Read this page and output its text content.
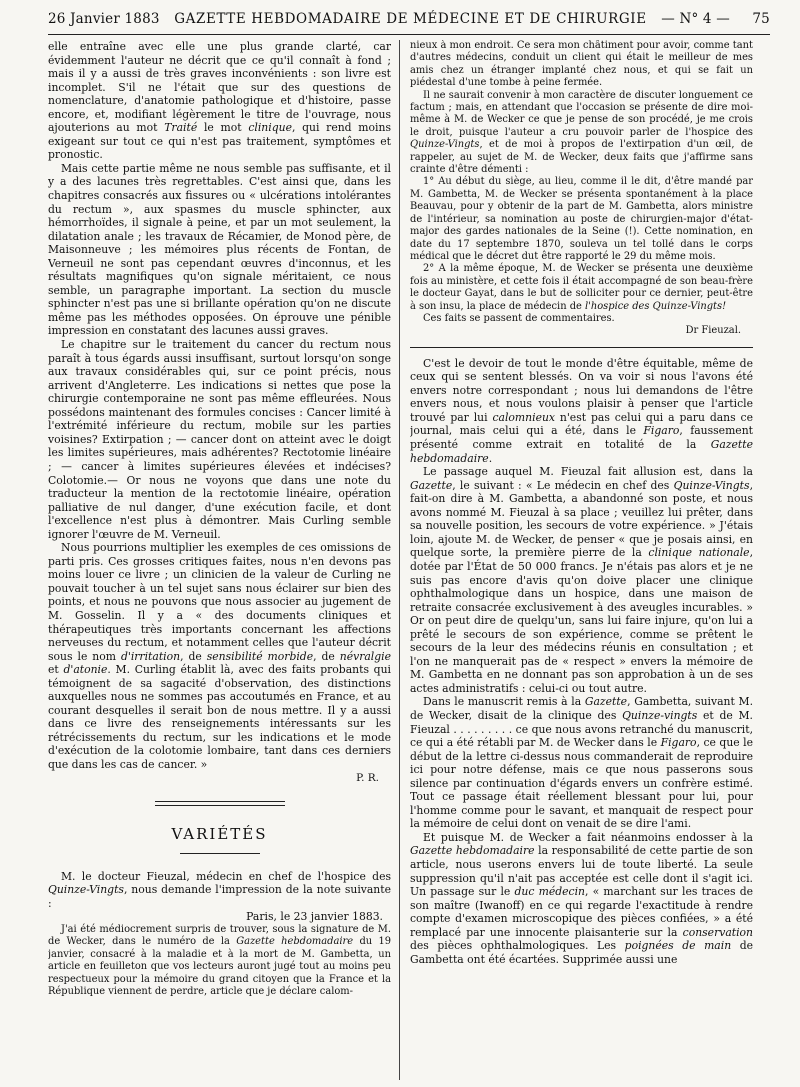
26 Janvier 1883 GAZETTE HEBDOMADAIRE DE MÉDECINE ET DE CHIRURGIE — N° 4 — 75

elle entraîne avec elle une plus grande clarté, car évidemment l'auteur ne décrit que ce qu'il connaît à fond ; mais il y a aussi de très graves inconvénients : son livre est incomplet. S'il ne l'était que sur des questions de nomenclature, d'anatomie pathologique et d'histoire, passe encore, et, modifiant légèrement le titre de l'ouvrage, nous ajouterions au mot Traité le mot clinique, qui rend moins exigeant sur tout ce qui n'est pas traitement, symptômes et pronostic.

Mais cette partie même ne nous semble pas suffisante, et il y a des lacunes très regrettables. C'est ainsi que, dans les chapitres consacrés aux fissures ou « ulcérations intolérantes du rectum », aux spasmes du muscle sphincter, aux hémorrhoïdes, il signale à peine, et par un mot seulement, la dilatation anale ; les travaux de Récamier, de Monod père, de Maisonneuve ; les mémoires plus récents de Fontan, de Verneuil ne sont pas cependant œuvres d'inconnus, et les résultats magnifiques qu'on signale méritaient, ce nous semble, un paragraphe important. La section du muscle sphincter n'est pas une si brillante opération qu'on ne discute même pas les méthodes opposées. On éprouve une pénible impression en constatant des lacunes aussi graves.

Le chapitre sur le traitement du cancer du rectum nous paraît à tous égards aussi insuffisant, surtout lorsqu'on songe aux travaux considérables qui, sur ce point précis, nous arrivent d'Angleterre. Les indications si nettes que pose la chirurgie contemporaine ne sont pas même effleurées. Nous possédons maintenant des formules concises : Cancer limité à l'extrémité inférieure du rectum, mobile sur les parties voisines? Extirpation ; — cancer dont on atteint avec le doigt les limites supérieures, mais adhérentes? Rectotomie linéaire ; — cancer à limites supérieures élevées et indécises? Colotomie.— Or nous ne voyons que dans une note du traducteur la mention de la rectotomie linéaire, opération palliative de nul danger, d'une exécution facile, et dont l'excellence n'est plus à démontrer. Mais Curling semble ignorer l'œuvre de M. Verneuil.

Nous pourrions multiplier les exemples de ces omissions de parti pris. Ces grosses critiques faites, nous n'en devons pas moins louer ce livre ; un clinicien de la valeur de Curling ne pouvait toucher à un tel sujet sans nous éclairer sur bien des points, et nous ne pouvons que nous associer au jugement de M. Gosselin. Il y a « des documents cliniques et thérapeutiques très importants concernant les affections nerveuses du rectum, et notamment celles que l'auteur décrit sous le nom d'irritation, de sensibilité morbide, de névralgie et d'atonie. M. Curling établit là, avec des faits probants qui témoignent de sa sagacité d'observation, des distinctions auxquelles nous ne sommes pas accoutumés en France, et au courant desquelles il serait bon de nous mettre. Il y a aussi dans ce livre des renseignements intéressants sur les rétrécissements du rectum, sur les indications et le mode d'exécution de la colotomie lombaire, tant dans ces derniers que dans les cas de cancer. »

P. R.

VARIÉTÉS

M. le docteur Fieuzal, médecin en chef de l'hospice des Quinze-Vingts, nous demande l'impression de la note suivante :

Paris, le 23 janvier 1883.

J'ai été médiocrement surpris de trouver, sous la signature de M. de Wecker, dans le numéro de la Gazette hebdomadaire du 19 janvier, consacré à la maladie et à la mort de M. Gambetta, un article en feuilleton que vos lecteurs auront jugé tout au moins peu respectueux pour la mémoire du grand citoyen que la France et la République viennent de perdre, article que je déclare calom-

nieux à mon endroit. Ce sera mon châtiment pour avoir, comme tant d'autres médecins, conduit un client qui était le meilleur de mes amis chez un étranger implanté chez nous, et qui se fait un piédestal d'une tombe à peine fermée.

Il ne saurait convenir à mon caractère de discuter longuement ce factum ; mais, en attendant que l'occasion se présente de dire moi-même à M. de Wecker ce que je pense de son procédé, je me crois le droit, puisque l'auteur a cru pouvoir parler de l'hospice des Quinze-Vingts, et de moi à propos de l'extirpation d'un œil, de rappeler, au sujet de M. de Wecker, deux faits que j'affirme sans crainte d'être démenti :

1° Au début du siège, au lieu, comme il le dit, d'être mandé par M. Gambetta, M. de Wecker se présenta spontanément à la place Beauvau, pour y obtenir de la part de M. Gambetta, alors ministre de l'intérieur, sa nomination au poste de chirurgien-major d'état-major des gardes nationales de la Seine (!). Cette nomination, en date du 17 septembre 1870, souleva un tel tollé dans le corps médical que le décret dut être rapporté le 29 du même mois.

2° A la même époque, M. de Wecker se présenta une deuxième fois au ministère, et cette fois il était accompagné de son beau-frère le docteur Gayat, dans le but de solliciter pour ce dernier, peut-être à son insu, la place de médecin de l'hospice des Quinze-Vingts!

Ces faits se passent de commentaires.

Dr Fieuzal.

C'est le devoir de tout le monde d'être équitable, même de ceux qui se sentent blessés. On va voir si nous l'avons été envers notre correspondant ; nous lui demandons de l'être envers nous, et nous voulons plaisir à penser que l'article trouvé par lui calomnieux n'est pas celui qui a paru dans ce journal, mais celui qui a été, dans le Figaro, faussement présenté comme extrait en totalité de la Gazette hebdomadaire.

Le passage auquel M. Fieuzal fait allusion est, dans la Gazette, le suivant : « Le médecin en chef des Quinze-Vingts, fait-on dire à M. Gambetta, a abandonné son poste, et nous avons nommé M. Fieuzal à sa place ; veuillez lui prêter, dans sa nouvelle position, les secours de votre expérience. » J'étais loin, ajoute M. de Wecker, de penser « que je posais ainsi, en quelque sorte, la première pierre de la clinique nationale, dotée par l'État de 50 000 francs. Je n'étais pas alors et je ne suis pas encore d'avis qu'on doive placer une clinique ophthalmologique dans un hospice, dans une maison de retraite consacrée exclusivement à des aveugles incurables. » Or on peut dire de quelqu'un, sans lui faire injure, qu'on lui a prêté le secours de son expérience, comme se prêtent le secours de la leur des médecins réunis en consultation ; et l'on ne manquerait pas de « respect » envers la mémoire de M. Gambetta en ne donnant pas son approbation à un de ses actes administratifs : celui-ci ou tout autre.

Dans le manuscrit remis à la Gazette, Gambetta, suivant M. de Wecker, disait de la clinique des Quinze-vingts et de M. Fieuzal . . . . . . . . . ce que nous avons retranché du manuscrit, ce qui a été rétabli par M. de Wecker dans le Figaro, ce que le début de la lettre ci-dessus nous commanderait de reproduire ici pour notre défense, mais ce que nous passerons sous silence par continuation d'égards envers un confrère estimé. Tout ce passage était réellement blessant pour lui, pour l'homme comme pour le savant, et manquait de respect pour la mémoire de celui dont on venait de se dire l'ami.

Et puisque M. de Wecker a fait néanmoins endosser à la Gazette hebdomadaire la responsabilité de cette partie de son article, nous userons envers lui de toute liberté. La seule suppression qu'il n'ait pas acceptée est celle dont il s'agit ici. Un passage sur le duc médecin, « marchant sur les traces de son maître (Iwanoff) en ce qui regarde l'exactitude à rendre compte d'examen microscopique des pièces confiées, » a été remplacé par une innocente plaisanterie sur la conservation des pièces ophthalmologiques. Les poignées de main de Gambetta ont été écartées. Supprimée aussi une
